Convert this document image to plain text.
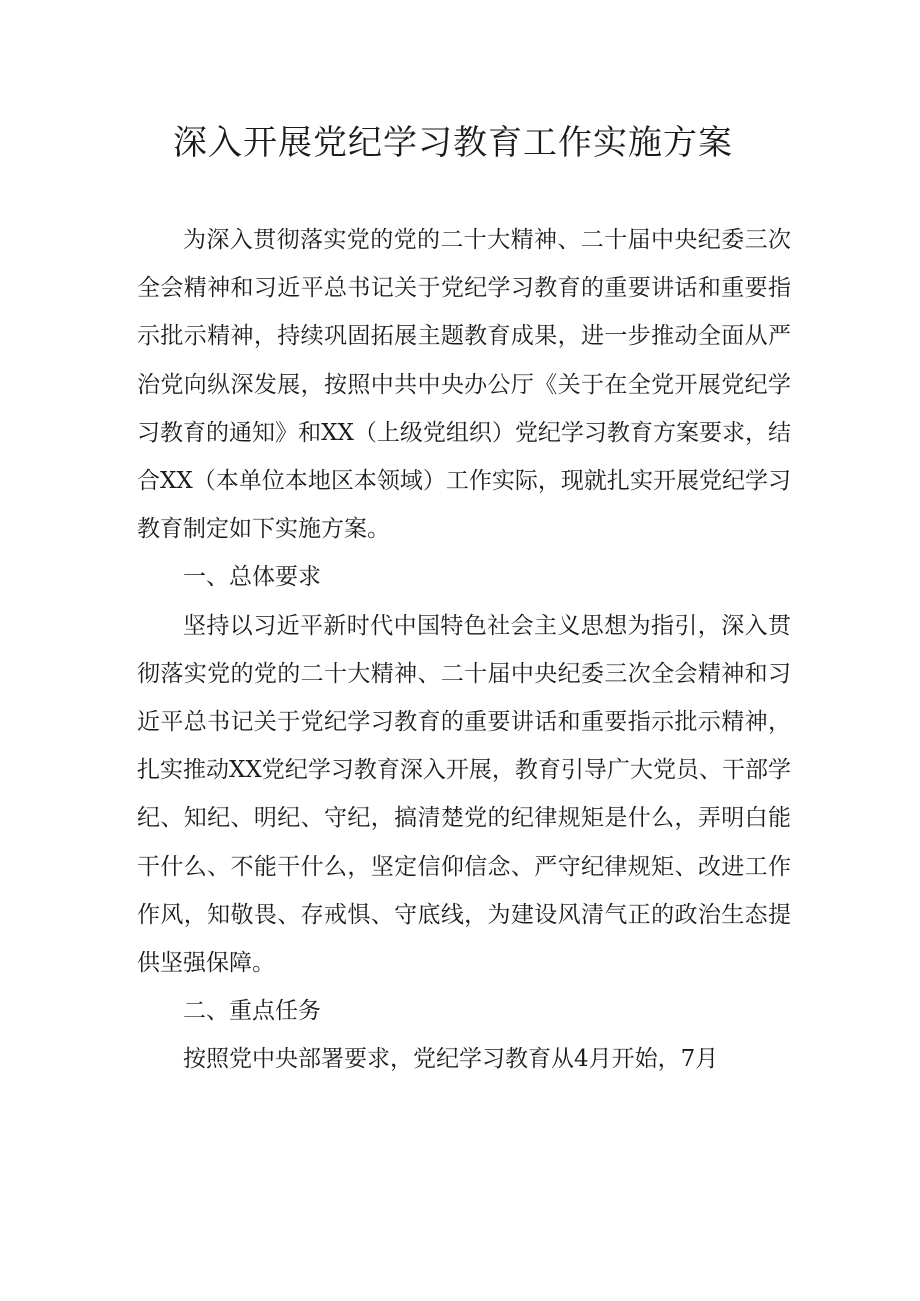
深入开展党纪学习教育工作实施方案

为深入贯彻落实党的党的二十大精神、二十届中央纪委三次全会精神和习近平总书记关于党纪学习教育的重要讲话和重要指示批示精神，持续巩固拓展主题教育成果，进一步推动全面从严治党向纵深发展，按照中共中央办公厅《关于在全党开展党纪学习教育的通知》和XX（上级党组织）党纪学习教育方案要求，结合XX（本单位本地区本领域）工作实际，现就扎实开展党纪学习教育制定如下实施方案。

一、总体要求

坚持以习近平新时代中国特色社会主义思想为指引，深入贯彻落实党的党的二十大精神、二十届中央纪委三次全会精神和习近平总书记关于党纪学习教育的重要讲话和重要指示批示精神，扎实推动XX党纪学习教育深入开展，教育引导广大党员、干部学纪、知纪、明纪、守纪，搞清楚党的纪律规矩是什么，弄明白能干什么、不能干什么，坚定信仰信念、严守纪律规矩、改进工作作风，知敬畏、存戒惧、守底线，为建设风清气正的政治生态提供坚强保障。

二、重点任务

按照党中央部署要求，党纪学习教育从4月开始，7月
